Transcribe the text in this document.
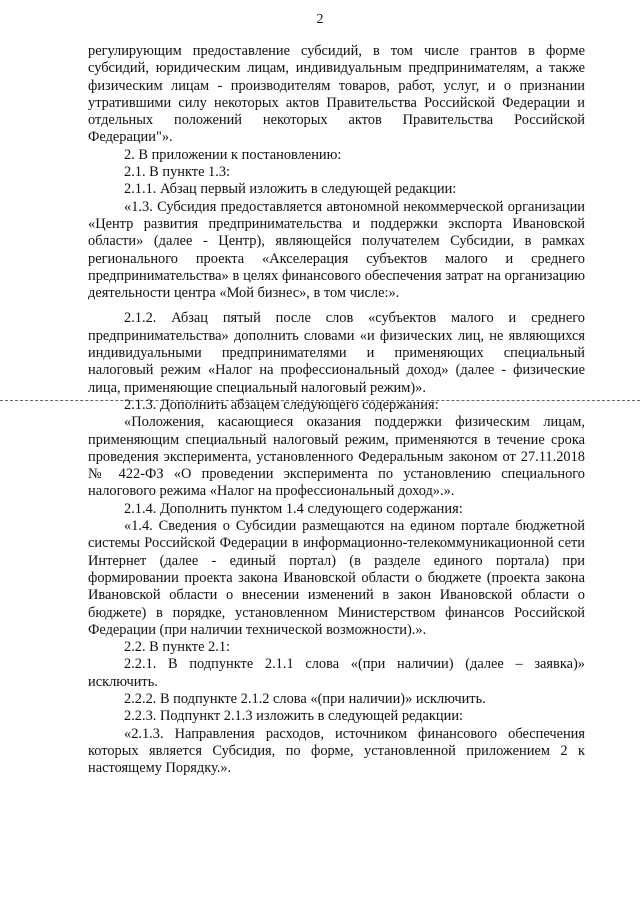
2

регулирующим предоставление субсидий, в том числе грантов в форме субсидий, юридическим лицам, индивидуальным предпринимателям, а также физическим лицам - производителям товаров, работ, услуг, и о признании утратившими силу некоторых актов Правительства Российской Федерации и отдельных положений некоторых актов Правительства Российской Федерации"».

2. В приложении к постановлению:

2.1. В пункте 1.3:

2.1.1. Абзац первый изложить в следующей редакции:

«1.3. Субсидия предоставляется автономной некоммерческой организации «Центр развития предпринимательства и поддержки экспорта Ивановской области» (далее - Центр), являющейся получателем Субсидии, в рамках регионального проекта «Акселерация субъектов малого и среднего предпринимательства» в целях финансового обеспечения затрат на организацию деятельности центра «Мой бизнес», в том числе:».

2.1.2. Абзац пятый после слов «субъектов малого и среднего предпринимательства» дополнить словами «и физических лиц, не являющихся индивидуальными предпринимателями и применяющих специальный налоговый режим «Налог на профессиональный доход» (далее - физические лица, применяющие специальный налоговый режим)».

2.1.3. Дополнить абзацем следующего содержания:

«Положения, касающиеся оказания поддержки физическим лицам, применяющим специальный налоговый режим, применяются в течение срока проведения эксперимента, установленного Федеральным законом от 27.11.2018 № 422-ФЗ «О проведении эксперимента по установлению специального налогового режима «Налог на профессиональный доход».».

2.1.4. Дополнить пунктом 1.4 следующего содержания:

«1.4. Сведения о Субсидии размещаются на едином портале бюджетной системы Российской Федерации в информационно-телекоммуникационной сети Интернет (далее - единый портал) (в разделе единого портала) при формировании проекта закона Ивановской области о бюджете (проекта закона Ивановской области о внесении изменений в закон Ивановской области о бюджете) в порядке, установленном Министерством финансов Российской Федерации (при наличии технической возможности).».

2.2. В пункте 2.1:

2.2.1. В подпункте 2.1.1 слова «(при наличии) (далее – заявка)» исключить.

2.2.2. В подпункте 2.1.2 слова «(при наличии)» исключить.

2.2.3. Подпункт 2.1.3 изложить в следующей редакции:

«2.1.3. Направления расходов, источником финансового обеспечения которых является Субсидия, по форме, установленной приложением 2 к настоящему Порядку.».
